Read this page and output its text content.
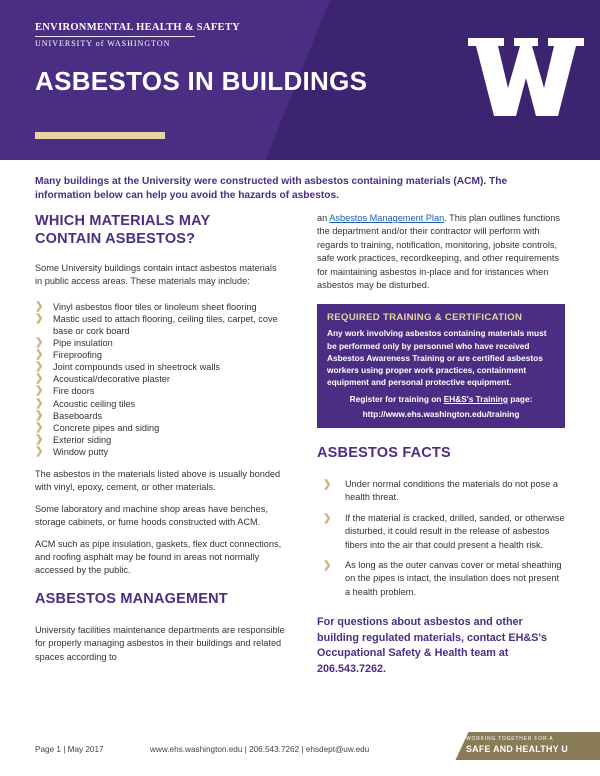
ENVIRONMENTAL HEALTH & SAFETY
UNIVERSITY of WASHINGTON
ASBESTOS IN BUILDINGS
Many buildings at the University were constructed with asbestos containing materials (ACM). The information below can help you avoid the hazards of asbestos.
WHICH MATERIALS MAY
CONTAIN ASBESTOS?

Some University buildings contain intact asbestos materials in public access areas. These materials may include:

❯ Vinyl asbestos floor tiles or linoleum sheet flooring
❯ Mastic used to attach flooring, ceiling tiles, carpet, cove base or cork board
❯ Pipe insulation
❯ Fireproofing
❯ Joint compounds used in sheetrock walls
❯ Acoustical/decorative plaster
❯ Fire doors
❯ Acoustic ceiling tiles
❯ Baseboards
❯ Concrete pipes and siding
❯ Exterior siding
❯ Window putty

The asbestos in the materials listed above is usually bonded with vinyl, epoxy, cement, or other materials.

Some laboratory and machine shop areas have benches, storage cabinets, or fume hoods constructed with ACM.

ACM such as pipe insulation, gaskets, flex duct connections, and roofing asphalt may be found in areas not normally accessed by the public.

ASBESTOS MANAGEMENT

University facilities maintenance departments are responsible for properly managing asbestos in their buildings and related spaces according to

an Asbestos Management Plan. This plan outlines functions the department and/or their contractor will perform with regards to training, notification, monitoring, jobsite controls, safe work practices, recordkeeping, and other requirements for maintaining asbestos in-place and for instances when asbestos may be disturbed.

REQUIRED TRAINING & CERTIFICATION
Any work involving asbestos containing materials must be performed only by personnel who have received Asbestos Awareness Training or are certified asbestos workers using proper work practices, containment equipment and personal protective equipment.
Register for training on EH&S's Training page:
http://www.ehs.washington.edu/training
ASBESTOS FACTS
❯	Under normal conditions the materials do not pose a health threat.
❯	If the material is cracked, drilled, sanded, or otherwise disturbed, it could result in the release of asbestos fibers into the air that could present a health risk.
❯	As long as the outer canvas cover or metal sheathing on the pipes is intact, the insulation does not present a health problem.
For questions about asbestos and other building regulated materials, contact EH&S's Occupational Safety & Health team at 206.543.7262.
Page 1 | May 2017	www.ehs.washington.edu | 206.543.7262 | ehsdept@uw.edu
WORKING TOGETHER FOR A
SAFE AND HEALTHY U
